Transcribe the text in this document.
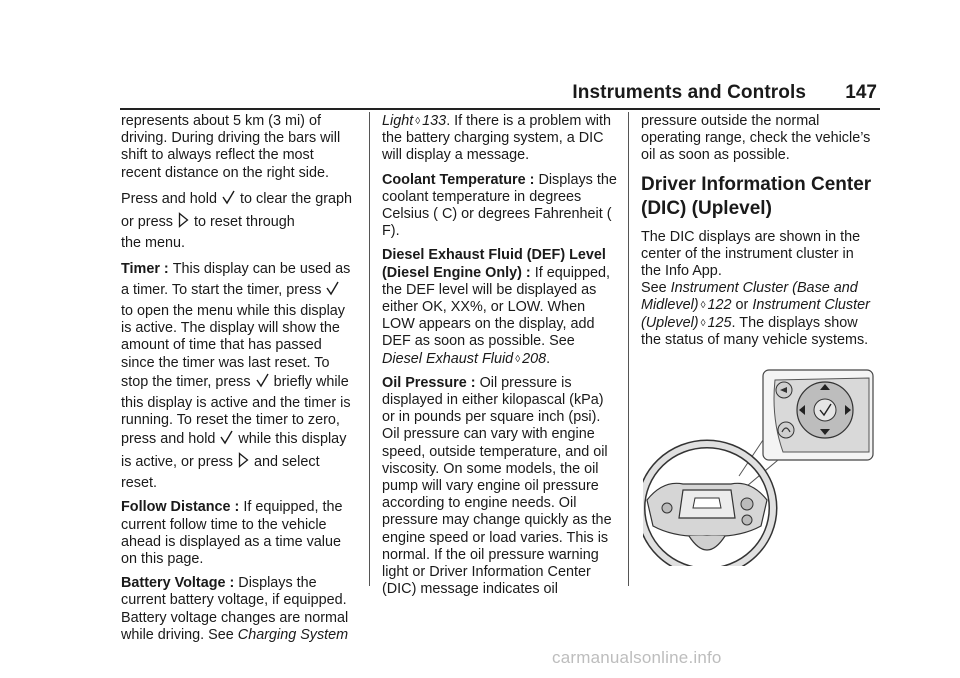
Instruments and Controls 147

represents about 5 km (3 mi) of driving. During driving the bars will shift to always reflect the most recent distance on the right side.

Press and hold to clear the graph

or press to reset through

the menu.

Timer : This display can be used as

a timer. To start the timer, press

to open the menu while this display is active. The display will show the amount of time that has passed since the timer was last reset. To

stop the timer, press briefly while

this display is active and the timer is running. To reset the timer to zero,

press and hold while this display

is active, or press and select

reset.

Follow Distance : If equipped, the current follow time to the vehicle ahead is displayed as a time value on this page.

Battery Voltage : Displays the current battery voltage, if equipped. Battery voltage changes are normal while driving. See Charging System

Light ◊ 133. If there is a problem with the battery charging system, a DIC will display a message.

Coolant Temperature : Displays the coolant temperature in degrees Celsius ( C) or degrees Fahrenheit ( F).

Diesel Exhaust Fluid (DEF) Level (Diesel Engine Only) : If equipped, the DEF level will be displayed as either OK, XX%, or LOW. When LOW appears on the display, add DEF as soon as possible. See Diesel Exhaust Fluid ◊ 208.

Oil Pressure : Oil pressure is displayed in either kilopascal (kPa) or in pounds per square inch (psi). Oil pressure can vary with engine speed, outside temperature, and oil viscosity. On some models, the oil pump will vary engine oil pressure according to engine needs. Oil pressure may change quickly as the engine speed or load varies. This is normal. If the oil pressure warning light or Driver Information Center (DIC) message indicates oil

pressure outside the normal operating range, check the vehicle’s oil as soon as possible.

Driver Information Center (DIC) (Uplevel)

The DIC displays are shown in the center of the instrument cluster in the Info App.

See Instrument Cluster (Base and Midlevel) ◊ 122 or Instrument Cluster (Uplevel) ◊ 125. The displays show the status of many vehicle systems.

carmanualsonline.info
